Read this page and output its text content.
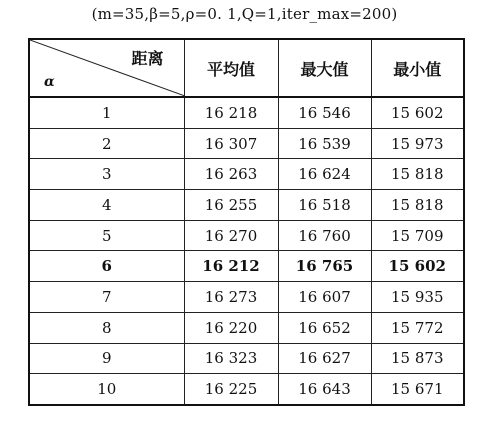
(m=35,β=5,ρ=0. 1,Q=1,iter_max=200)
距离
α	平均值	最大值	最小值
1	16 218	16 546	15 602
2	16 307	16 539	15 973
3	16 263	16 624	15 818
4	16 255	16 518	15 818
5	16 270	16 760	15 709
6	16 212	16 765	15 602
7	16 273	16 607	15 935
8	16 220	16 652	15 772
9	16 323	16 627	15 873
10	16 225	16 643	15 671
